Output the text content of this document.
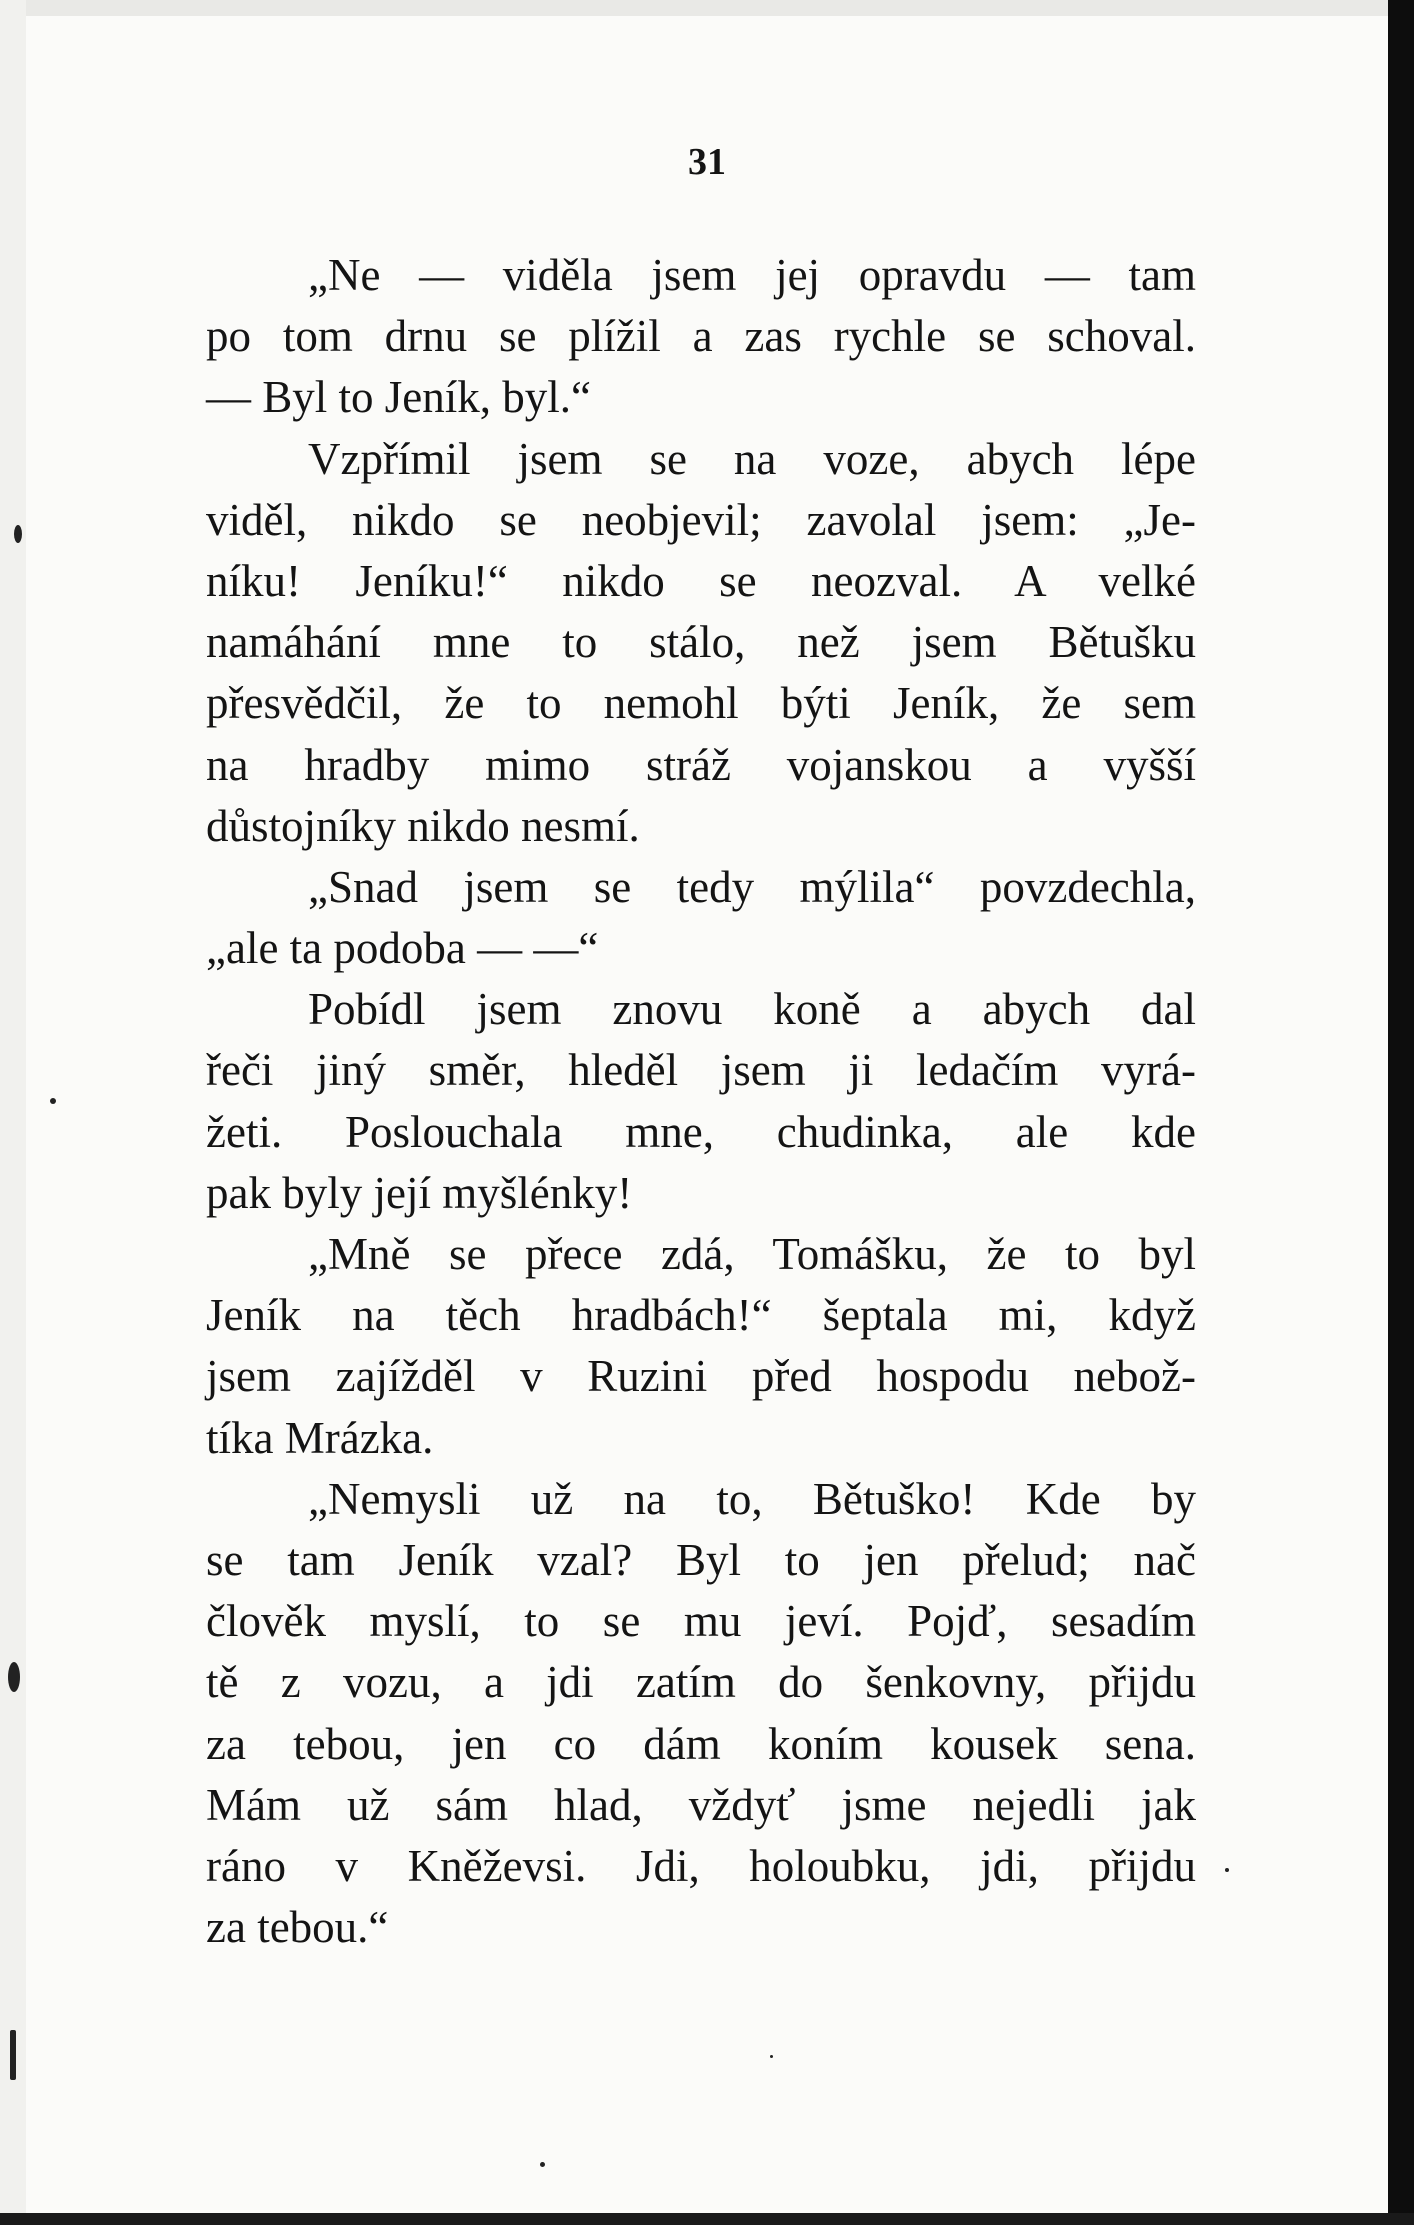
31
„Ne — viděla jsem jej opravdu — tam
po tom drnu se plížil a zas rychle se schoval.
— Byl to Jeník, byl.“
Vzpřímil jsem se na voze, abych lépe
viděl, nikdo se neobjevil; zavolal jsem: „Je-
níku! Jeníku!“ nikdo se neozval. A velké
namáhání mne to stálo, než jsem Bětušku
přesvědčil, že to nemohl býti Jeník, že sem
na hradby mimo stráž vojanskou a vyšší
důstojníky nikdo nesmí.
„Snad jsem se tedy mýlila“ povzdechla,
„ale ta podoba — —“
Pobídl jsem znovu koně a abych dal
řeči jiný směr, hleděl jsem ji ledačím vyrá-
žeti. Poslouchala mne, chudinka, ale kde
pak byly její myšlénky!
„Mně se přece zdá, Tomášku, že to byl
Jeník na těch hradbách!“ šeptala mi, když
jsem zajížděl v Ruzini před hospodu nebož-
tíka Mrázka.
„Nemysli už na to, Bětuško! Kde by
se tam Jeník vzal? Byl to jen přelud; nač
člověk myslí, to se mu jeví. Pojď, sesadím
tě z vozu, a jdi zatím do šenkovny, přijdu
za tebou, jen co dám koním kousek sena.
Mám už sám hlad, vždyť jsme nejedli jak
ráno v Kněževsi. Jdi, holoubku, jdi, přijdu
za tebou.“
